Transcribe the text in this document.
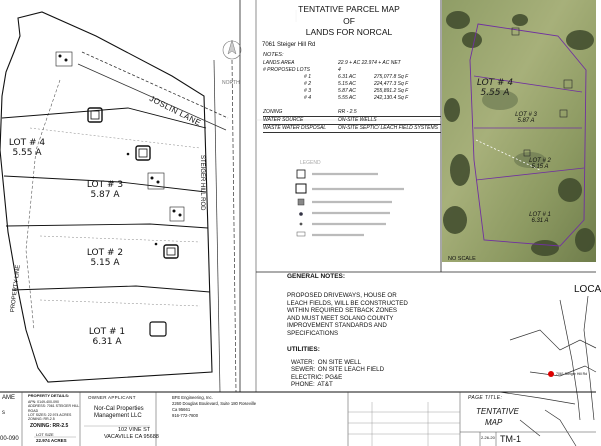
NORTH
JOSLIN LANE
STEIGER HILL ROD
PROPERTY LINE
LOT # 4
5.55 A
LOT # 3
5.87 A
LOT # 2
5.15 A
LOT # 1
6.31 A
TENTATIVE PARCEL MAP
OF
LANDS FOR NORCAL
7061 Steiger Hill Rd
NOTES:
LANDS AREA	22.9 + AC 22.974 + AC NET
# PROPOSED LOTS	4
# 1	6.31 AC	275,077.8 Sq F
# 2	5.15 AC	224,477.3 Sq F
# 3	5.87 AC	255,891.2 Sq F
# 4	5.55 AC	242,130.4 Sq F
ZONING	RR - 2.5
WATER SOURCE	ON-SITE WELLS
WASTE WATER DISPOSAL	ON-SITE SEPTIC/ LEACH FIELD SYSTEMS
LEGEND
LOT # 4
5.55 A
LOT # 3
5.87 A
LOT # 2
5.15 A
LOT # 1
6.31 A
NO SCALE
GENERAL NOTES:
PROPOSED DRIVEWAYS, HOUSE OR
LEACH FIELDS, WILL BE CONSTRUCTED
WITHIN REQUIRED SETBACK ZONES
AND MUST MEET SOLANO COUNTY
IMPROVEMENT STANDARDS AND
SPECIFICATIONS
UTILITIES:
WATER: ON SITE WELL
SEWER: ON SITE LEACH FIELD
ELECTRIC: PG&E
PHONE: AT&T
LOCA
7061 Steiger Hill Rd
AME
s
00-090
PROPERTY DETAILS:
APN: 0149-400-090
ADDRESS: 7061 STEIGER HILL ROAD
LOT SIZES: 22.974 ACRES
ZONING: RR-2.5
ZONING: RR-2.5
LOT SIZE
22.974 ACRES
OWNER APPLICANT
Nor-Cal Properties
Management LLC
102 VINE ST
VACAVILLE CA 95688
BFE Engineering, Inc.
2260 Douglas Boulevard, Suite 180 Roseville
Ca 95661
916-772-7800
PAGE TITLE:
TENTATIVE
MAP
2-26-20 TM-1
